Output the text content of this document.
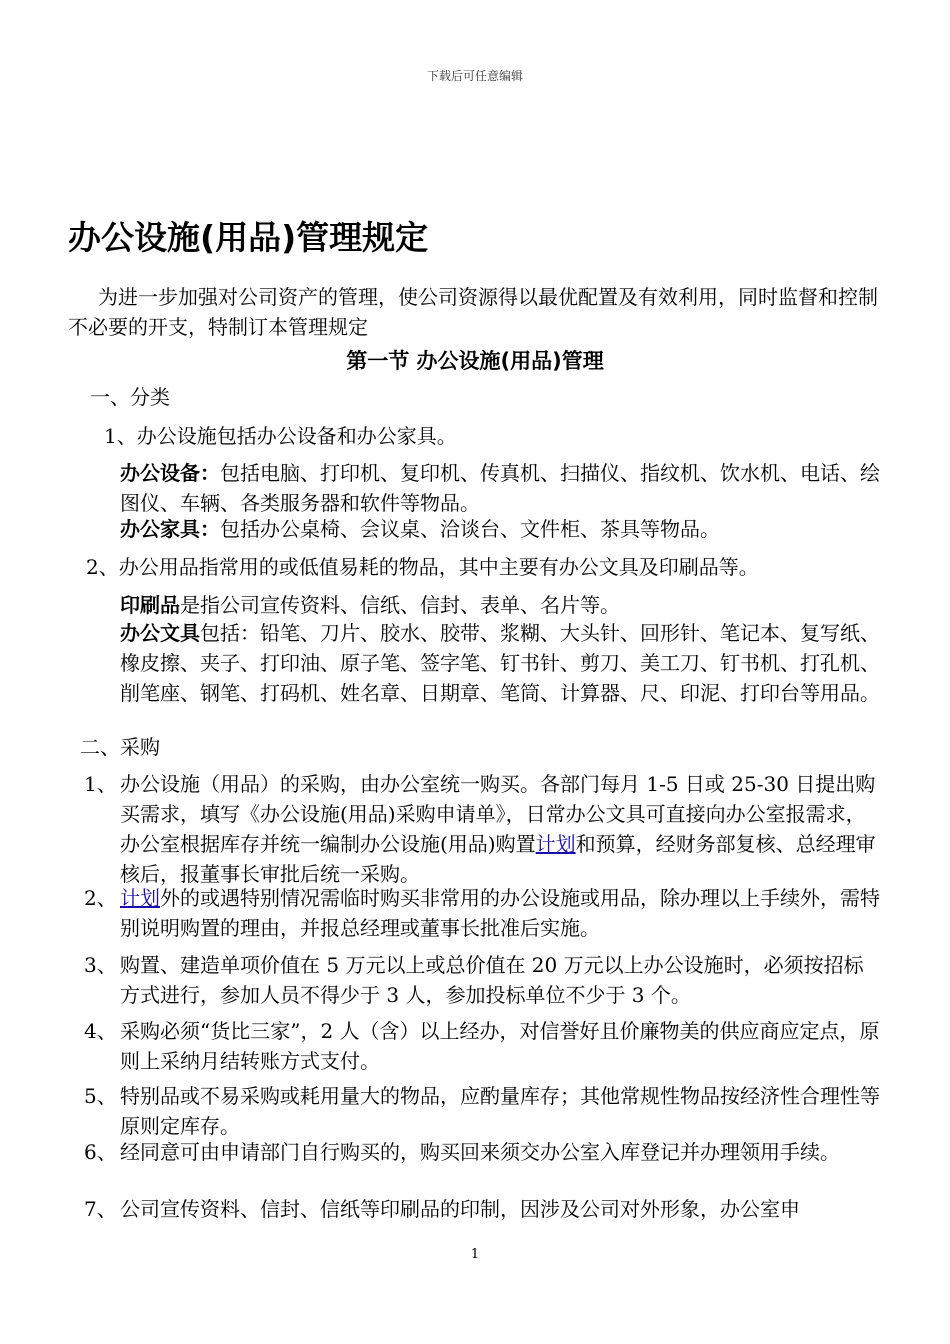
下载后可任意编辑
办公设施(用品)管理规定
为进一步加强对公司资产的管理，使公司资源得以最优配置及有效利用，同时监督和控制不必要的开支，特制订本管理规定
第一节 办公设施(用品)管理
一、分类
1、办公设施包括办公设备和办公家具。
办公设备：包括电脑、打印机、复印机、传真机、扫描仪、指纹机、饮水机、电话、绘图仪、车辆、各类服务器和软件等物品。
办公家具：包括办公桌椅、会议桌、洽谈台、文件柜、茶具等物品。
2、办公用品指常用的或低值易耗的物品，其中主要有办公文具及印刷品等。
印刷品是指公司宣传资料、信纸、信封、表单、名片等。
办公文具包括：铅笔、刀片、胶水、胶带、浆糊、大头针、回形针、笔记本、复写纸、橡皮擦、夹子、打印油、原子笔、签字笔、钉书针、剪刀、美工刀、钉书机、打孔机、削笔座、钢笔、打码机、姓名章、日期章、笔筒、计算器、尺、印泥、打印台等用品。
二、采购
1、 办公设施（用品）的采购，由办公室统一购买。各部门每月 1-5 日或 25-30 日提出购买需求，填写《办公设施(用品)采购申请单》，日常办公文具可直接向办公室报需求，办公室根据库存并统一编制办公设施(用品)购置计划和预算，经财务部复核、总经理审核后，报董事长审批后统一采购。
2、 计划外的或遇特别情况需临时购买非常用的办公设施或用品，除办理以上手续外，需特别说明购置的理由，并报总经理或董事长批准后实施。
3、 购置、建造单项价值在 5 万元以上或总价值在 20 万元以上办公设施时，必须按招标方式进行，参加人员不得少于 3 人，参加投标单位不少于 3 个。
4、 采购必须“货比三家”，2 人（含）以上经办，对信誉好且价廉物美的供应商应定点，原则上采纳月结转账方式支付。
5、 特别品或不易采购或耗用量大的物品，应酌量库存；其他常规性物品按经济性合理性等原则定库存。
6、 经同意可由申请部门自行购买的，购买回来须交办公室入库登记并办理领用手续。
7、 公司宣传资料、信封、信纸等印刷品的印制，因涉及公司对外形象，办公室申
1
